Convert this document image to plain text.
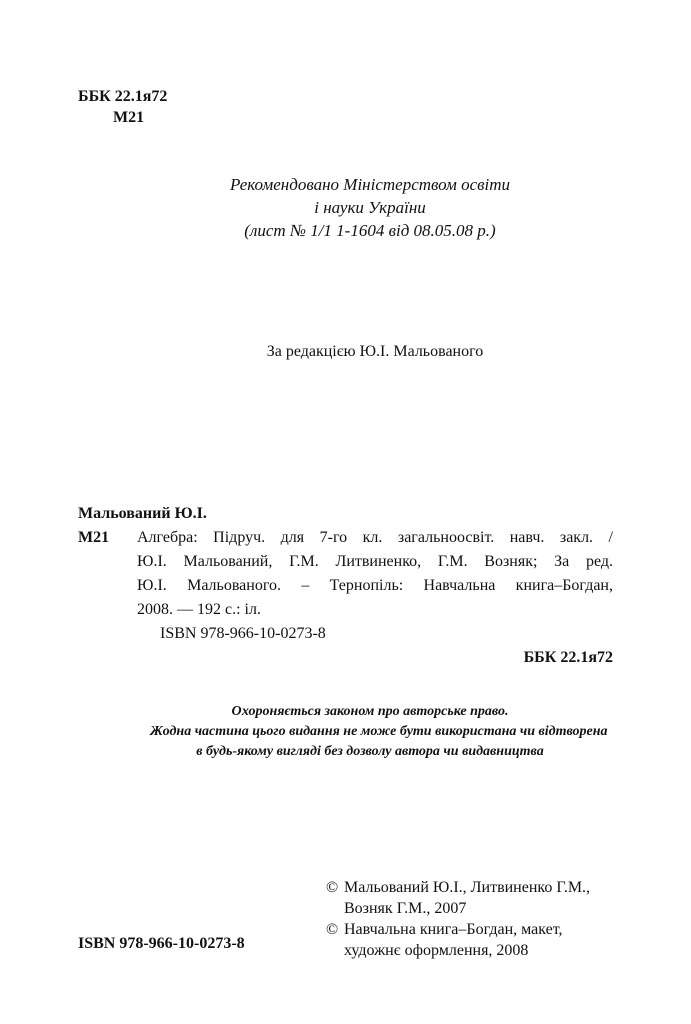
ББК 22.1я72
М21
Рекомендовано Міністерством освіти
і науки України
(лист № 1/1 1-1604 від 08.05.08 р.)
За редакцією Ю.І. Мальованого
Мальований Ю.І.
М21	Алгебра: Підруч. для 7-го кл. загальноосвіт. навч. закл. /
Ю.І. Мальований, Г.М. Литвиненко, Г.М. Возняк; За ред.
Ю.І. Мальованого. – Тернопіль: Навчальна книга–Богдан,
2008. — 192 с.: іл.
ISBN 978-966-10-0273-8
ББК 22.1я72
Охороняється законом про авторське право.
Жодна частина цього видання не може бути використана чи відтворена
в будь-якому вигляді без дозволу автора чи видавництва
© Мальований Ю.І., Литвиненко Г.М.,
Возняк Г.М., 2007
© Навчальна книга–Богдан, макет,
художнє оформлення, 2008
ISBN 978-966-10-0273-8
